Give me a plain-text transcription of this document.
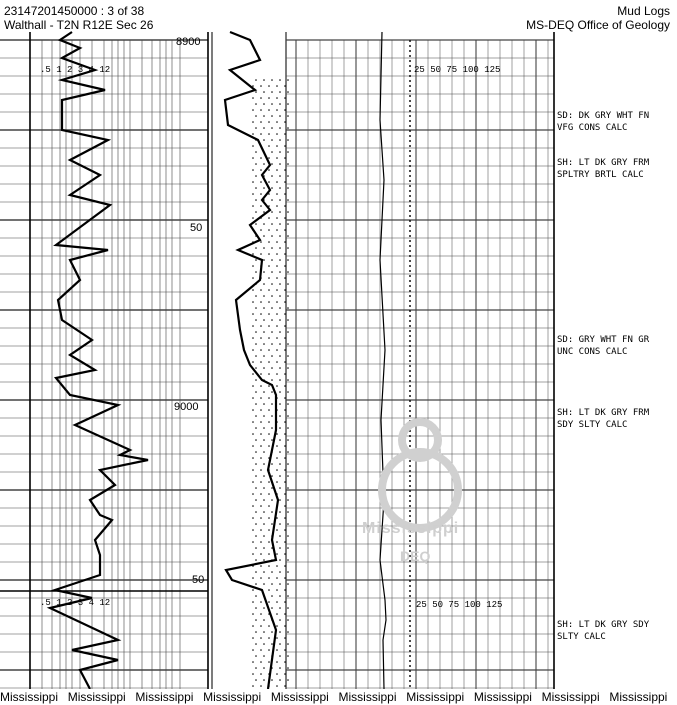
23147201450000 : 3 of 38
Walthall - T2N R12E Sec 26
Mud Logs
MS-DEQ Office of Geology
8900
50
9000
50
.5 1 2 3 4 12
.5 1 2 3 4 12
25 50 75 100 125
25 50 75 100 125
SD: DK GRY WHT FN
VFG CONS CALC
SH: LT DK GRY FRM
SPLTRY BRTL CALC
SD: GRY WHT FN GR
UNC CONS CALC
SH: LT DK GRY FRM
SDY SLTY CALC
SH: LT DK GRY SDY
SLTY CALC
Mississippi
DEQ
Mississippi Mississippi Mississippi Mississippi Mississippi Mississippi Mississippi Mississippi Mississippi Mississippi
